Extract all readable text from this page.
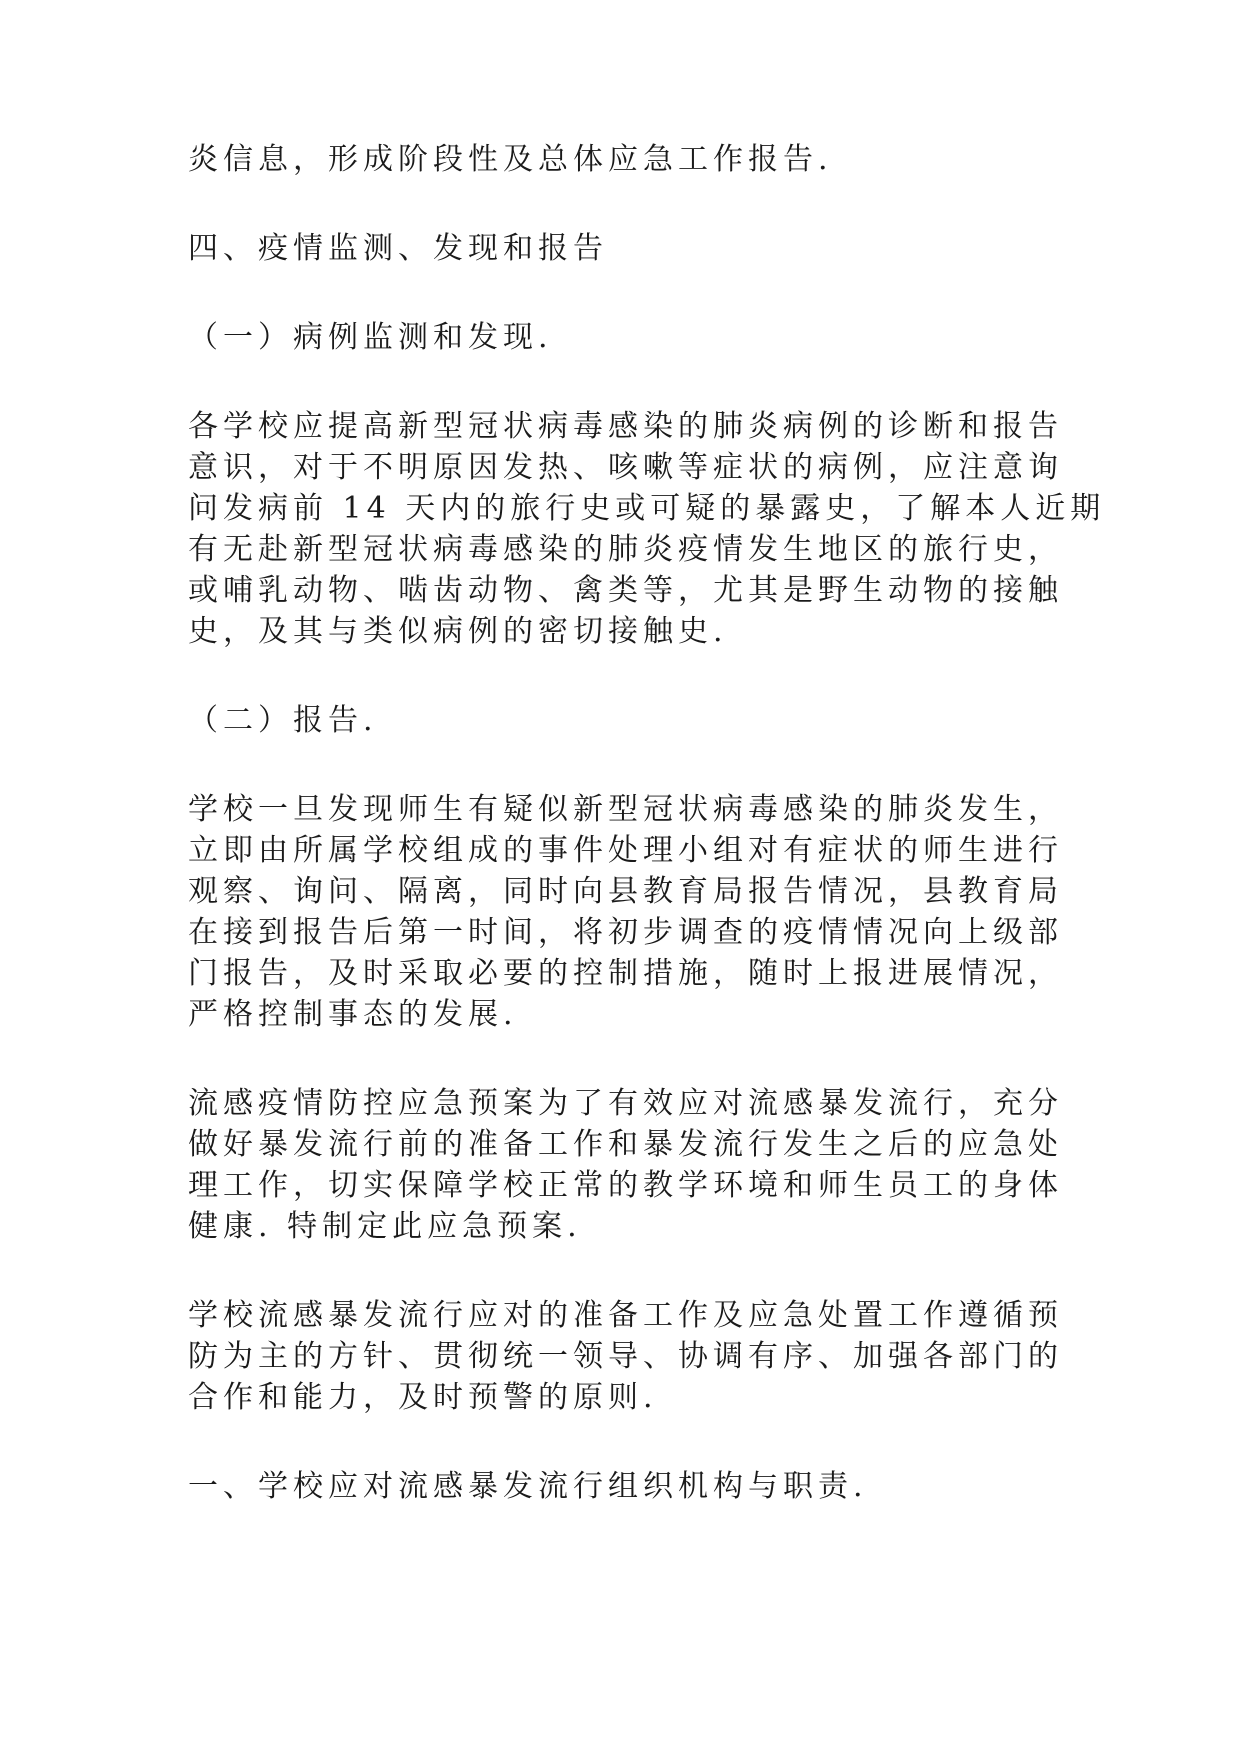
炎信息，形成阶段性及总体应急工作报告.
四、疫情监测、发现和报告
（一）病例监测和发现.
各学校应提高新型冠状病毒感染的肺炎病例的诊断和报告
意识，对于不明原因发热、咳嗽等症状的病例，应注意询
问发病前 14 天内的旅行史或可疑的暴露史，了解本人近期
有无赴新型冠状病毒感染的肺炎疫情发生地区的旅行史，
或哺乳动物、啮齿动物、禽类等，尤其是野生动物的接触
史，及其与类似病例的密切接触史.
（二）报告.
学校一旦发现师生有疑似新型冠状病毒感染的肺炎发生，
立即由所属学校组成的事件处理小组对有症状的师生进行
观察、询问、隔离，同时向县教育局报告情况，县教育局
在接到报告后第一时间，将初步调查的疫情情况向上级部
门报告，及时采取必要的控制措施，随时上报进展情况，
严格控制事态的发展.
流感疫情防控应急预案为了有效应对流感暴发流行，充分
做好暴发流行前的准备工作和暴发流行发生之后的应急处
理工作，切实保障学校正常的教学环境和师生员工的身体
健康. 特制定此应急预案.
学校流感暴发流行应对的准备工作及应急处置工作遵循预
防为主的方针、贯彻统一领导、协调有序、加强各部门的
合作和能力，及时预警的原则.
一、学校应对流感暴发流行组织机构与职责.
